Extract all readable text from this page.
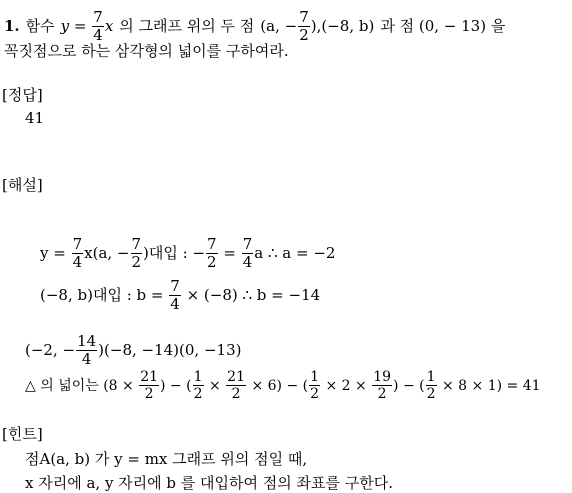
1. 함수 y
=
$\frac{7}{4}$ x 의 그래프 위의 두 점 (a, − $\frac{7}{2} ),(-8$, b) 과 점 (0, − 13) 을
꼭짓점으로 하는 삼각형의 넓이를 구하여라.
[정답]
41
[해설]
y =
$\frac{7}{4} x(a$, − $\frac{7}{2}$ )대입 : − $\frac{7}{2}$
=
$\frac{7}{4}$ a ∴ a = −2
(−8, b)대입 : b =
$\frac{7}{4}$
× (−8) ∴ b = −14
(−2, − $\frac{14}{4} )(-8$, −14)(0, −13)
△ 의 넓이는 (8 ×
$\frac{21}{2}$ ) − ( $\frac{1}{2}$
×
$\frac{21}{2}$
× 6) − ( $\frac{1}{2}$
× 2 ×
$\frac{19}{2}$ ) − ( $\frac{1}{2}$
× 8 × 1) = 41
[힌트]
점A(a, b) 가 y = mx 그래프 위의 점일 때,
x 자리에 a, y 자리에 b 를 대입하여 점의 좌표를 구한다.
